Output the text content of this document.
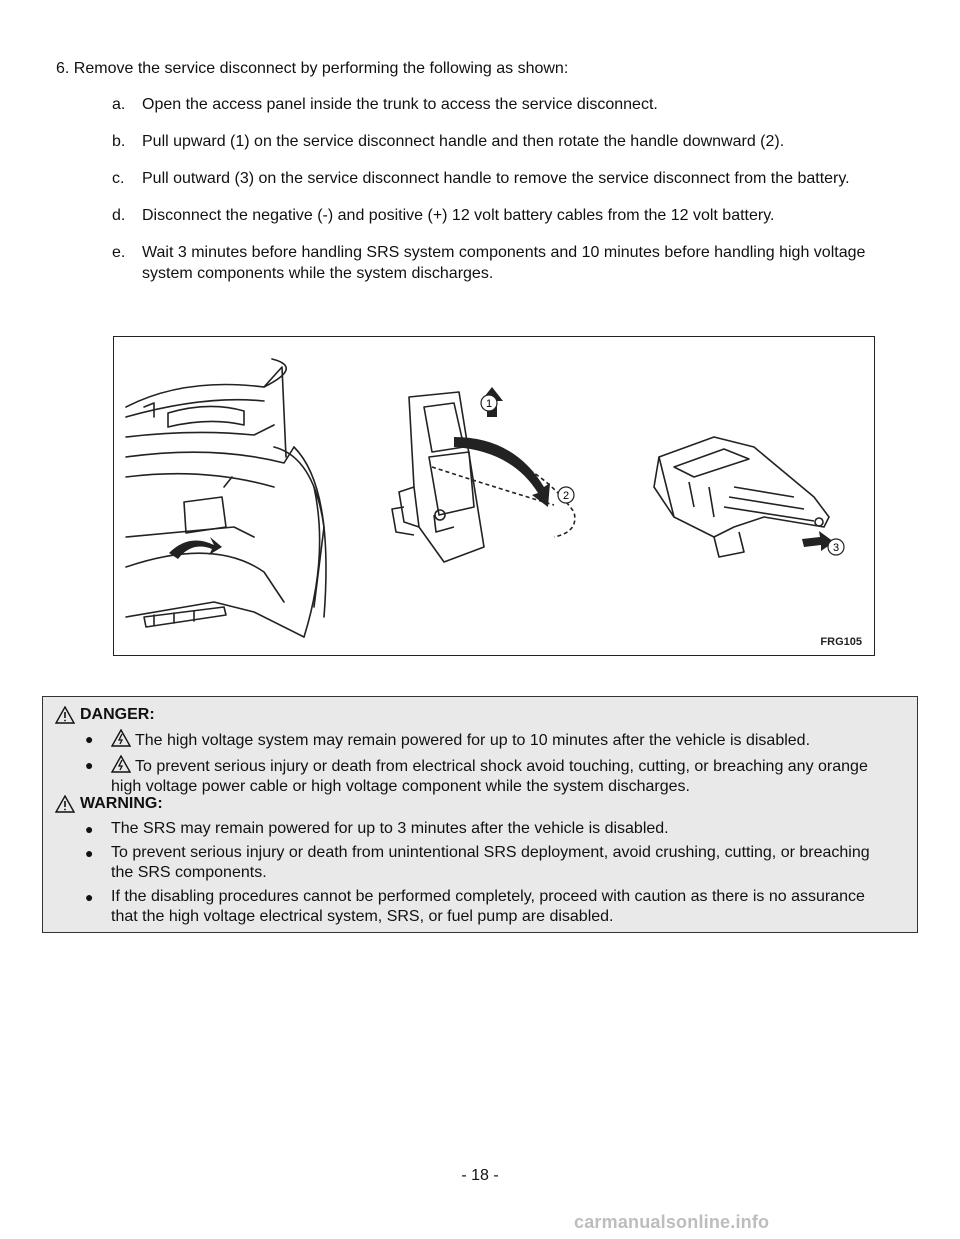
6. Remove the service disconnect by performing the following as shown:
a.	Open the access panel inside the trunk to access the service disconnect.
b.	Pull upward (1) on the service disconnect handle and then rotate the handle downward (2).
c.	Pull outward (3) on the service disconnect handle to remove the service disconnect from the battery.
d.	Disconnect the negative (-) and positive (+) 12 volt battery cables from the 12 volt battery.
e.	Wait 3 minutes before handling SRS system components and 10 minutes before handling high voltage system components while the system discharges.
1
2
3
FRG105
DANGER:
●	The high voltage system may remain powered for up to 10 minutes after the vehicle is disabled.
●	To prevent serious injury or death from electrical shock avoid touching, cutting, or breaching any orange high voltage power cable or high voltage component while the system discharges.
WARNING:
●	The SRS may remain powered for up to 3 minutes after the vehicle is disabled.
●	To prevent serious injury or death from unintentional SRS deployment, avoid crushing, cutting, or breaching the SRS components.
●	If the disabling procedures cannot be performed completely, proceed with caution as there is no assurance that the high voltage electrical system, SRS, or fuel pump are disabled.
- 18 -
carmanualsonline.info
